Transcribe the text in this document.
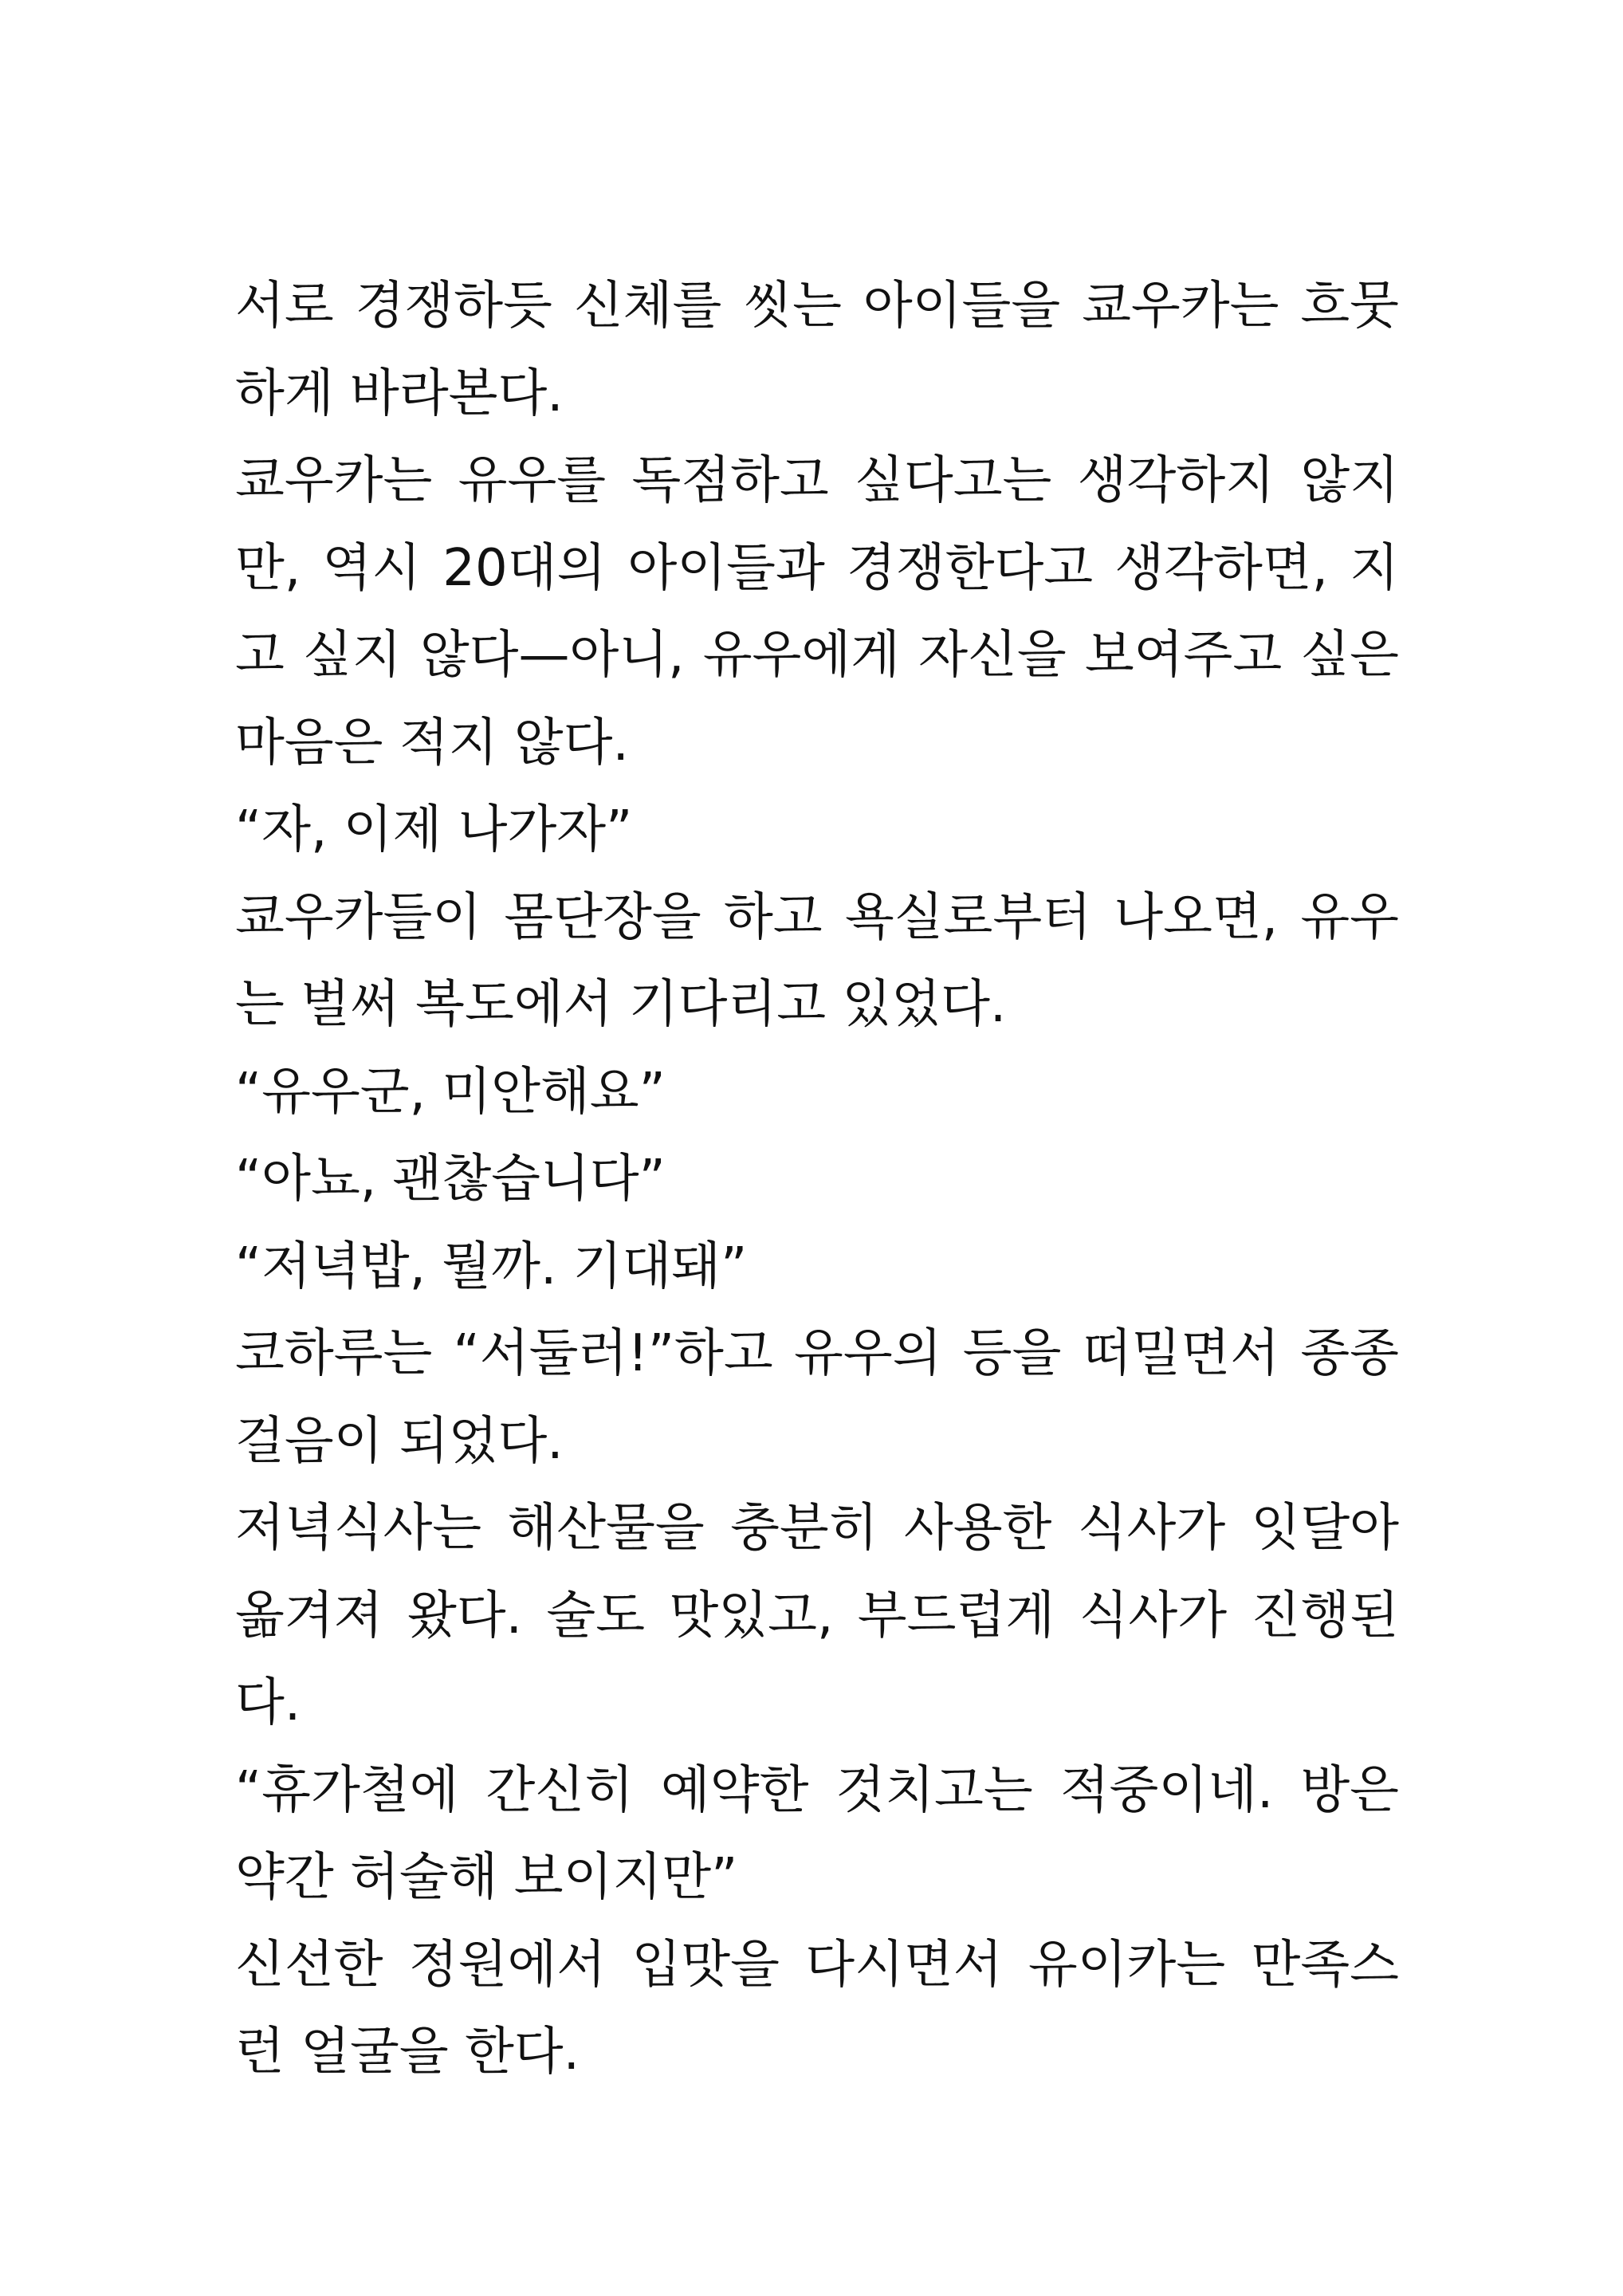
서로 경쟁하듯 신체를 씻는 아이들을 쿄우카는 흐뭇
하게 바라본다.
쿄우카는 유우를 독점하고 싶다고는 생각하지 않지
만, 역시 20대의 아이들과 경쟁한다고 생각하면, 지
고 싶지 않다—아니, 유우에게 자신을 보여주고 싶은
마음은 적지 않다.
“자, 이제 나가자”
쿄우카들이 몸단장을 하고 욕실로부터 나오면, 유우
는 벌써 복도에서 기다리고 있었다.
“유우군, 미안해요”
“아뇨, 괜찮습니다”
“저녁밥, 뭘까. 기대돼”
코하루는 “서둘러!”하고 유우의 등을 떠밀면서 종종
걸음이 되었다.
저녁식사는 해산물을 충분히 사용한 식사가 잇달아
옮겨져 왔다. 술도 맛있고, 부드럽게 식사가 진행된
다.
“휴가철에 간신히 예약한 것치고는 적중이네. 방은
약간 허술해 보이지만”
신선한 정원에서 입맛을 다시면서 유이카는 만족스
런 얼굴을 한다.
